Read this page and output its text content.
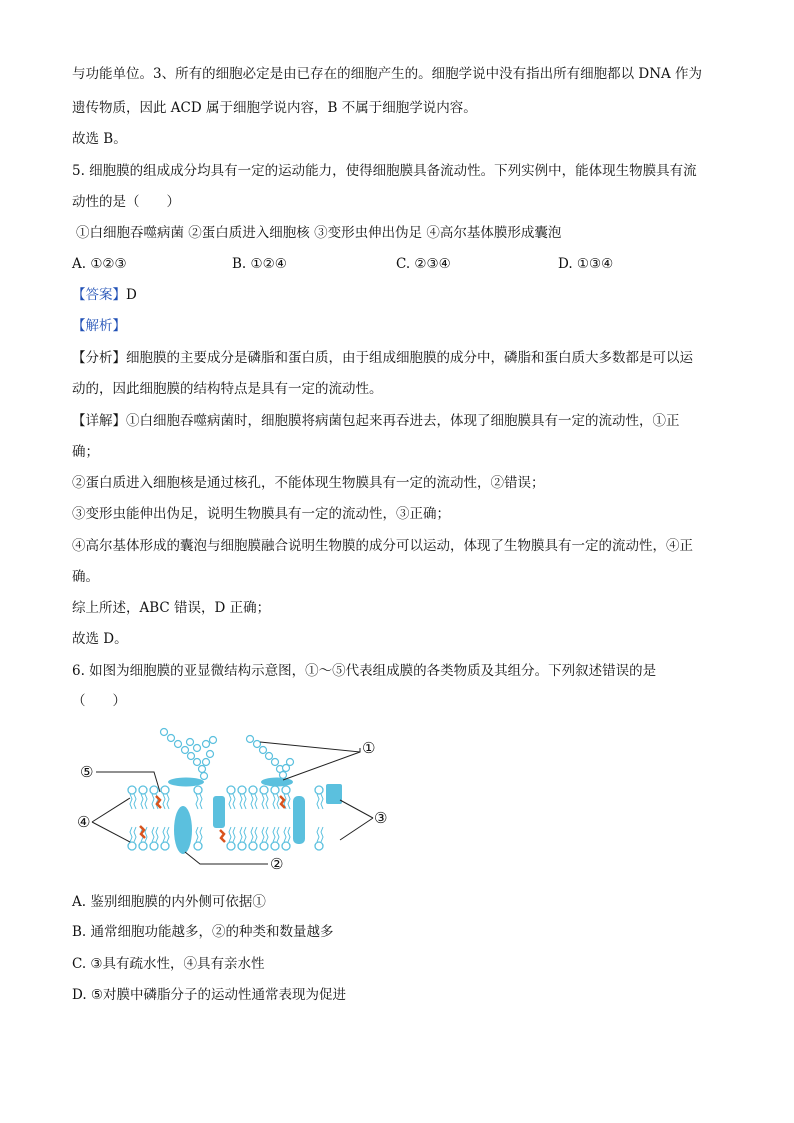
与功能单位。3、所有的细胞必定是由已存在的细胞产生的。细胞学说中没有指出所有细胞都以 DNA 作为
遗传物质，因此 ACD 属于细胞学说内容，B 不属于细胞学说内容。
故选 B。
5. 细胞膜的组成成分均具有一定的运动能力，使得细胞膜具备流动性。下列实例中，能体现生物膜具有流
动性的是（　　）
①白细胞吞噬病菌 ②蛋白质进入细胞核 ③变形虫伸出伪足 ④高尔基体膜形成囊泡
A. ①②③	B. ①②④	C. ②③④	D. ①③④
【答案】D
【解析】
【分析】细胞膜的主要成分是磷脂和蛋白质，由于组成细胞膜的成分中，磷脂和蛋白质大多数都是可以运
动的，因此细胞膜的结构特点是具有一定的流动性。
【详解】①白细胞吞噬病菌时，细胞膜将病菌包起来再吞进去，体现了细胞膜具有一定的流动性，①正
确；
②蛋白质进入细胞核是通过核孔，不能体现生物膜具有一定的流动性，②错误；
③变形虫能伸出伪足，说明生物膜具有一定的流动性，③正确；
④高尔基体形成的囊泡与细胞膜融合说明生物膜的成分可以运动，体现了生物膜具有一定的流动性，④正
确。
综上所述，ABC 错误，D 正确；
故选 D。
6. 如图为细胞膜的亚显微结构示意图，①～⑤代表组成膜的各类物质及其组分。下列叙述错误的是
（　　）
①
②
③
④
⑤
A. 鉴别细胞膜的内外侧可依据①
B. 通常细胞功能越多，②的种类和数量越多
C. ③具有疏水性，④具有亲水性
D. ⑤对膜中磷脂分子的运动性通常表现为促进
